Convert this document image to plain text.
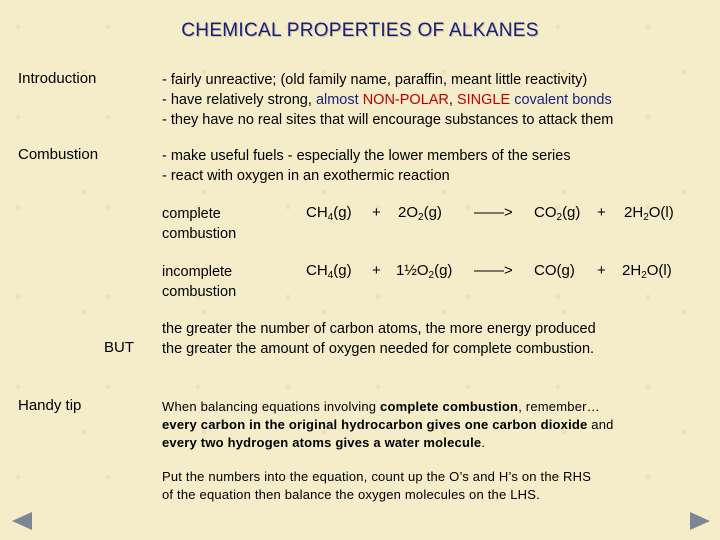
CHEMICAL PROPERTIES OF ALKANES
Introduction	- fairly unreactive; (old family name, paraffin, meant little reactivity)
- have relatively strong, almost NON-POLAR, SINGLE covalent bonds
- they have no real sites that will encourage substances to attack them
Combustion	- make useful fuels - especially the lower members of the series
- react with oxygen in an exothermic reaction
complete
combustion
$CH_4(g) + 2O_2(g)$ ——> $CO_2(g) + 2H_2O(l)$
incomplete
combustion
$CH_4(g)$ + $1\frac{1}{2}O_2(g)$ ——> $CO(g) + 2H_2O(l)$
BUT
the greater the number of carbon atoms, the more energy produced
the greater the amount of oxygen needed for complete combustion.
Handy tip	When balancing equations involving complete combustion, remember…
every carbon in the original hydrocarbon gives one carbon dioxide and
every two hydrogen atoms gives a water molecule.
Put the numbers into the equation, count up the O’s and H’s on the RHS
of the equation then balance the oxygen molecules on the LHS.
